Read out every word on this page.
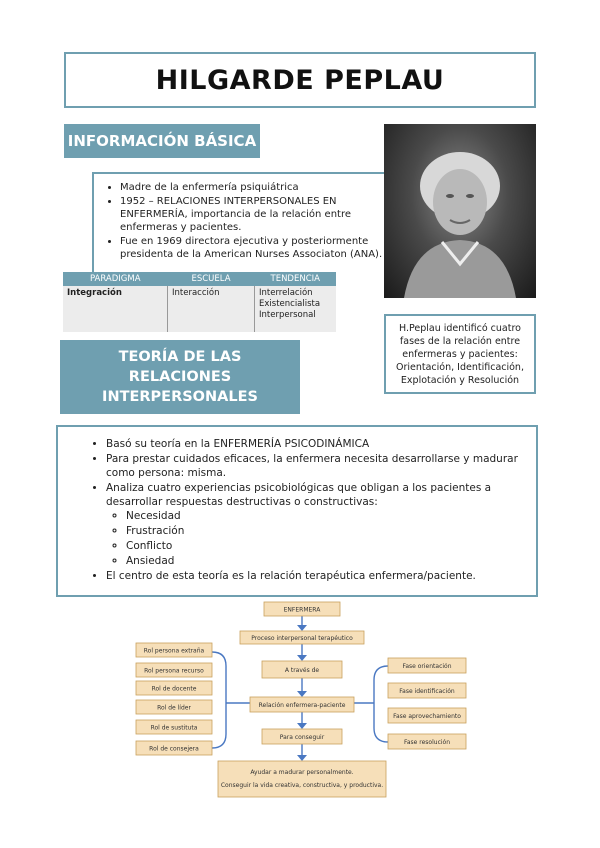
HILGARDE PEPLAU
INFORMACIÓN BÁSICA
• Madre de la enfermería psiquiátrica
• 1952 – RELACIONES INTERPERSONALES EN ENFERMERÍA, importancia de la relación entre enfermeras y pacientes.
• Fue en 1969 directora ejecutiva y posteriormente presidenta de la American Nurses Associaton (ANA).
PARADIGMA	ESCUELA	TENDENCIA
Integración	Interacción	Interrelación
Existencialista
Interpersonal
H.Peplau identificó cuatro fases de la relación entre enfermeras y pacientes: Orientación, Identificación, Explotación y Resolución
TEORÍA DE LAS RELACIONES INTERPERSONALES
• Basó su teoría en la ENFERMERÍA PSICODINÁMICA
• Para prestar cuidados eficaces, la enfermera necesita desarrollarse y madurar como persona: misma.
• Analiza cuatro experiencias psicobiológicas que obligan a los pacientes a desarrollar respuestas destructivas o constructivas:
◦ Necesidad
◦ Frustración
◦ Conflicto
◦ Ansiedad
• El centro de esta teoría es la relación terapéutica enfermera/paciente.
ENFERMERA
Proceso interpersonal terapéutico
A través de
Relación enfermera-paciente
Para conseguir
Ayudar a madurar personalmente.
Conseguir la vida creativa, constructiva, y productiva.
Rol persona extraña
Rol persona recurso
Rol de docente
Rol de líder
Rol de sustituta
Rol de consejera
Fase orientación
Fase identificación
Fase aprovechamiento
Fase resolución
